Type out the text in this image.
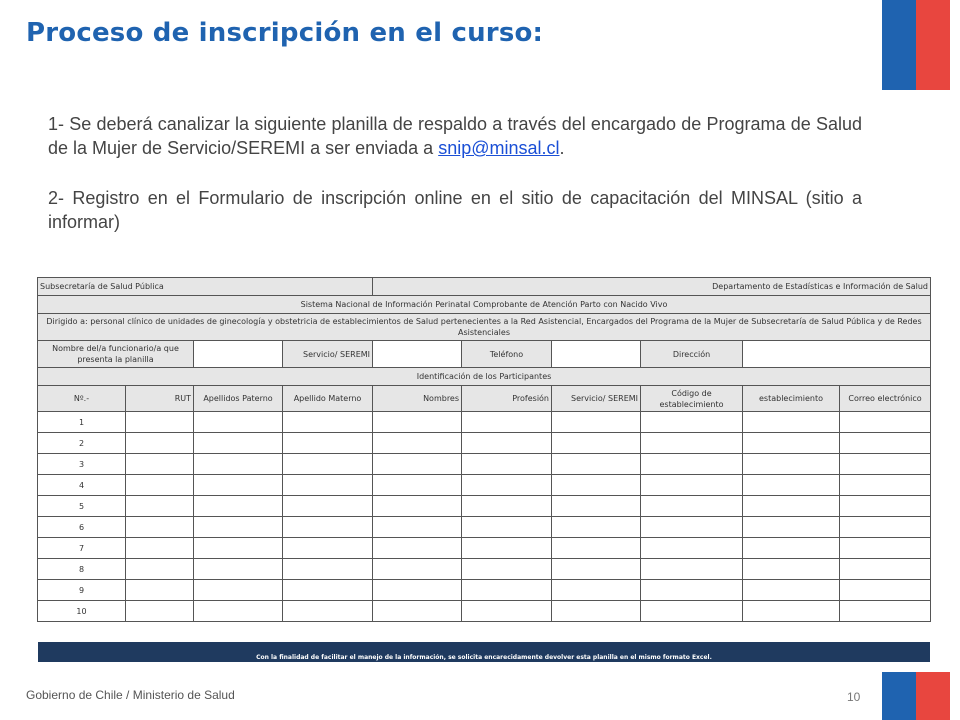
Proceso de inscripción en el curso:
1- Se deberá canalizar la siguiente planilla de respaldo a través del encargado de Programa de Salud de la Mujer de Servicio/SEREMI a ser enviada a snip@minsal.cl.
2- Registro en el Formulario de inscripción online en el sitio de capacitación del MINSAL (sitio a informar)
Subsecretaría de Salud Pública				Departamento de Estadísticas e Información de Salud					
Sistema Nacional de Información Perinatal Comprobante de Atención Parto con Nacido Vivo									
Dirigido a: personal clínico de unidades de ginecología y obstetricia de establecimientos de Salud pertenecientes a la Red Asistencial, Encargados del Programa de la Mujer de Subsecretaría de Salud Pública y de Redes Asistenciales									
Nombre del/a funcionario/a que presenta la planilla			Servicio/ SEREMI		Teléfono		Dirección		
Identificación de los Participantes									
Nº.-	RUT	Apellidos Paterno	Apellido Materno	Nombres	Profesión	Servicio/ SEREMI	Código de establecimiento	establecimiento	Correo electrónico
1									
2									
3									
4									
5									
6									
7									
8									
9									
10									
Con la finalidad de facilitar el manejo de la información, se solicita encarecidamente devolver esta planilla en el mismo formato Excel.
Gobierno de Chile / Ministerio de Salud	10
